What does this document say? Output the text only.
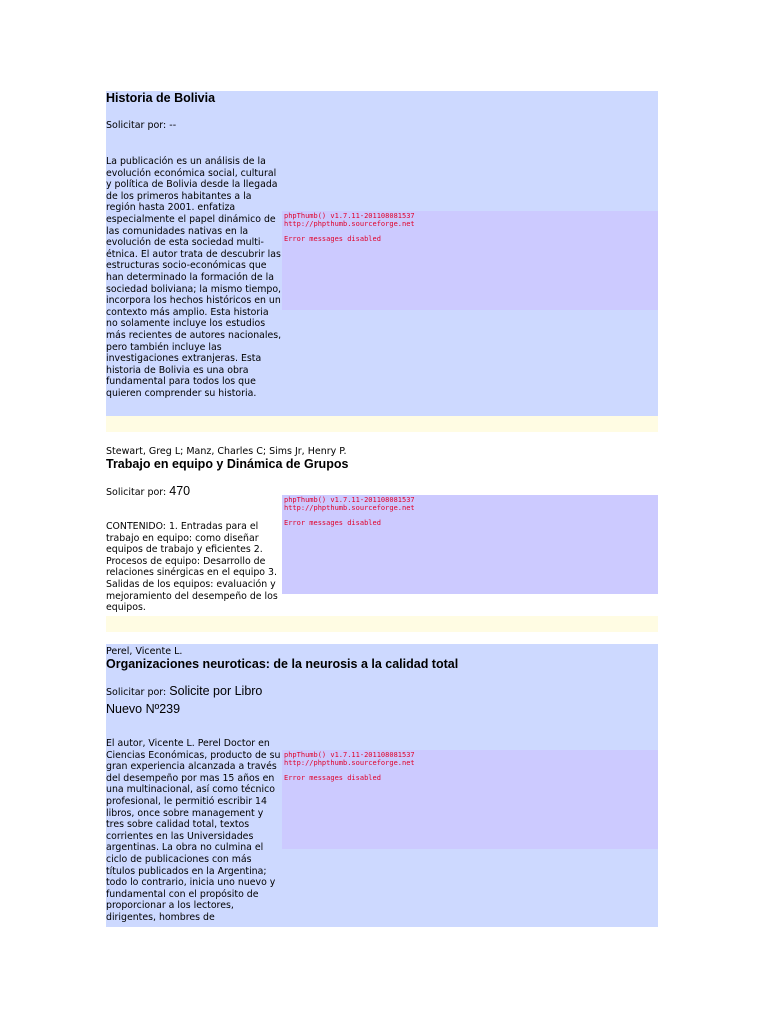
Historia de Bolivia
Solicitar por: --

La publicación es un análisis de la evolución económica social, cultural y política de Bolivia desde la llegada de los primeros habitantes a la región hasta 2001. enfatiza especialmente el papel dinámico de las comunidades nativas en la evolución de esta sociedad multi-étnica. El autor trata de descubrir las estructuras socio-económicas que han determinado la formación de la sociedad boliviana; la mismo tiempo, incorpora los hechos históricos en un contexto más amplio. Esta historia no solamente incluye los estudios más recientes de autores nacionales, pero también incluye las investigaciones extranjeras. Esta historia de Bolivia es una obra fundamental para todos los que quieren comprender su historia.

phpThumb() v1.7.11-201108081537
http://phpthumb.sourceforge.net
Error messages disabled
Stewart, Greg L; Manz, Charles C; Sims Jr, Henry P.
Trabajo en equipo y Dinámica de Grupos
Solicitar por: 470

CONTENIDO: 1. Entradas para el trabajo en equipo: como diseñar equipos de trabajo y eficientes 2. Procesos de equipo: Desarrollo de relaciones sinérgicas en el equipo 3. Salidas de los equipos: evaluación y mejoramiento del desempeño de los equipos.

phpThumb() v1.7.11-201108081537
http://phpthumb.sourceforge.net
Error messages disabled
Perel, Vicente L.
Organizaciones neuroticas: de la neurosis a la calidad total
Solicitar por: Solicite por Libro Nuevo Nº239

El autor, Vicente L. Perel Doctor en Ciencias Económicas, producto de su gran experiencia alcanzada a través del desempeño por mas 15 años en una multinacional, así como técnico profesional, le permitió escribir 14 libros, once sobre management y tres sobre calidad total, textos corrientes en las Universidades argentinas. La obra no culmina el ciclo de publicaciones con más títulos publicados en la Argentina; todo lo contrario, inicia uno nuevo y fundamental con el propósito de proporcionar a los lectores, dirigentes, hombres de

phpThumb() v1.7.11-201108081537
http://phpthumb.sourceforge.net
Error messages disabled
